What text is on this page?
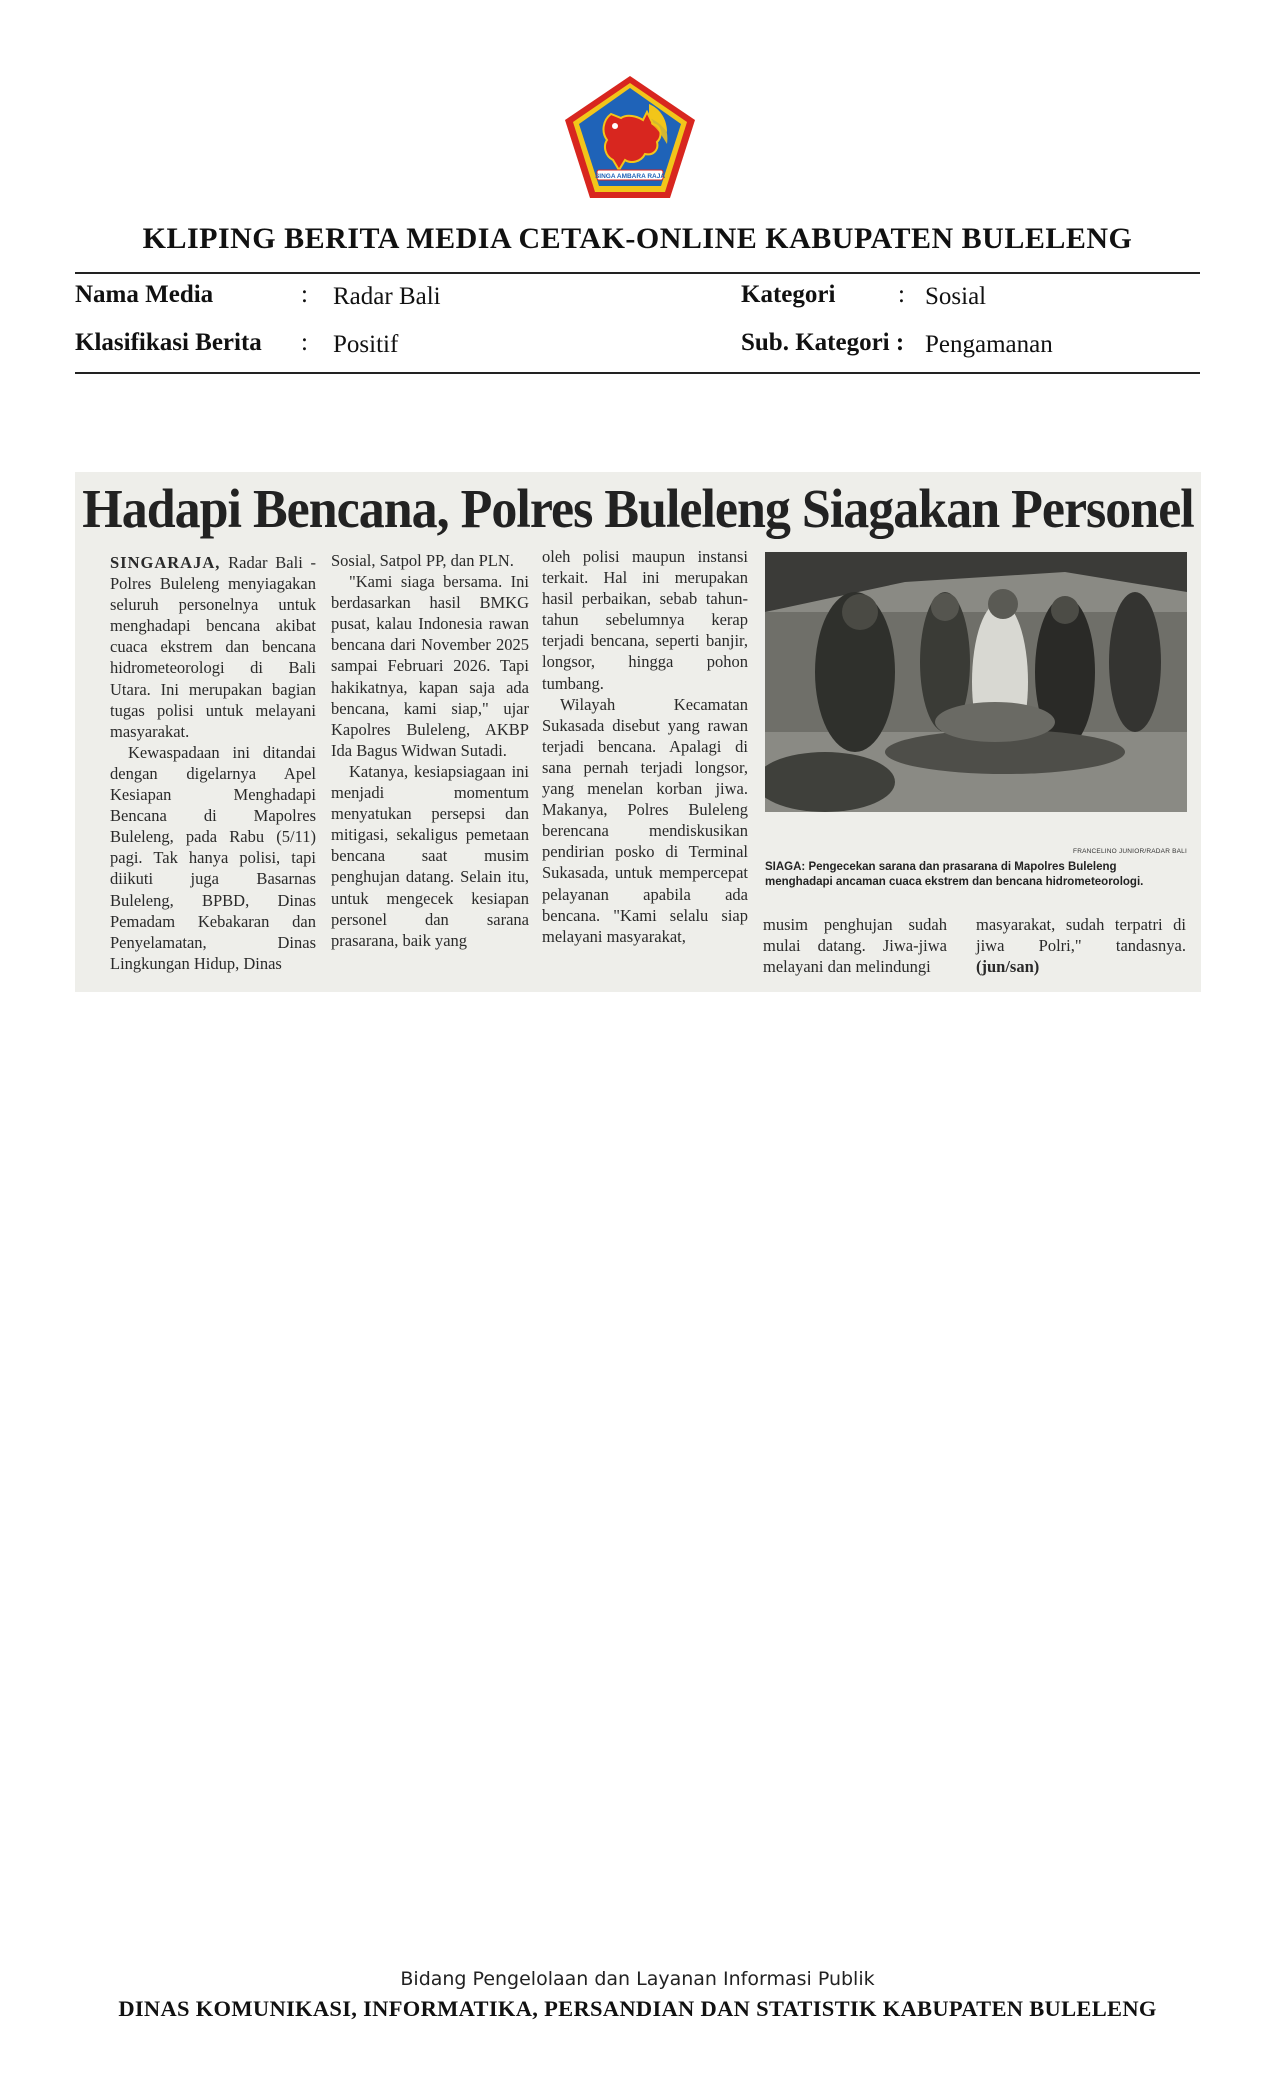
SINGA AMBARA RAJA
KLIPING BERITA MEDIA CETAK-ONLINE KABUPATEN BULELENG
Nama Media	: Radar Bali	Kategori	: Sosial
Klasifikasi Berita : Positif	Sub. Kategori : Pengamanan
Hadapi Bencana, Polres Buleleng Siagakan Personel

SINGARAJA, Radar Bali - Polres Buleleng menyiagakan seluruh personelnya untuk menghadapi bencana akibat cuaca ekstrem dan bencana hidrometeorologi di Bali Utara. Ini merupakan bagian tugas polisi untuk melayani masyarakat.

Kewaspadaan ini ditandai dengan digelarnya Apel Kesiapan Menghadapi Bencana di Mapolres Buleleng, pada Rabu (5/11) pagi. Tak hanya polisi, tapi diikuti juga Basarnas Buleleng, BPBD, Dinas Pemadam Kebakaran dan Penyelamatan, Dinas Lingkungan Hidup, Dinas

Sosial, Satpol PP, dan PLN.

"Kami siaga bersama. Ini berdasarkan hasil BMKG pusat, kalau Indonesia rawan bencana dari November 2025 sampai Februari 2026. Tapi hakikatnya, kapan saja ada bencana, kami siap," ujar Kapolres Buleleng, AKBP Ida Bagus Widwan Sutadi.

Katanya, kesiapsiagaan ini menjadi momentum menyatukan persepsi dan mitigasi, sekaligus pemetaan bencana saat musim penghujan datang. Selain itu, untuk mengecek kesiapan personel dan sarana prasarana, baik yang

oleh polisi maupun instansi terkait. Hal ini merupakan hasil perbaikan, sebab tahun-tahun sebelumnya kerap terjadi bencana, seperti banjir, longsor, hingga pohon tumbang.

Wilayah Kecamatan Sukasada disebut yang rawan terjadi bencana. Apalagi di sana pernah terjadi longsor, yang menelan korban jiwa. Makanya, Polres Buleleng berencana mendiskusikan pendirian posko di Terminal Sukasada, untuk mempercepat pelayanan apabila ada bencana. "Kami selalu siap melayani masyarakat,

FRANCELINO JUNIOR/RADAR BALI
SIAGA: Pengecekan sarana dan prasarana di Mapolres Buleleng menghadapi ancaman cuaca ekstrem dan bencana hidrometeorologi.

musim penghujan sudah mulai datang. Jiwa-jiwa melayani dan melindungi

masyarakat, sudah terpatri di jiwa Polri," tandasnya. (jun/san)

Bidang Pengelolaan dan Layanan Informasi Publik
DINAS KOMUNIKASI, INFORMATIKA, PERSANDIAN DAN STATISTIK KABUPATEN BULELENG
